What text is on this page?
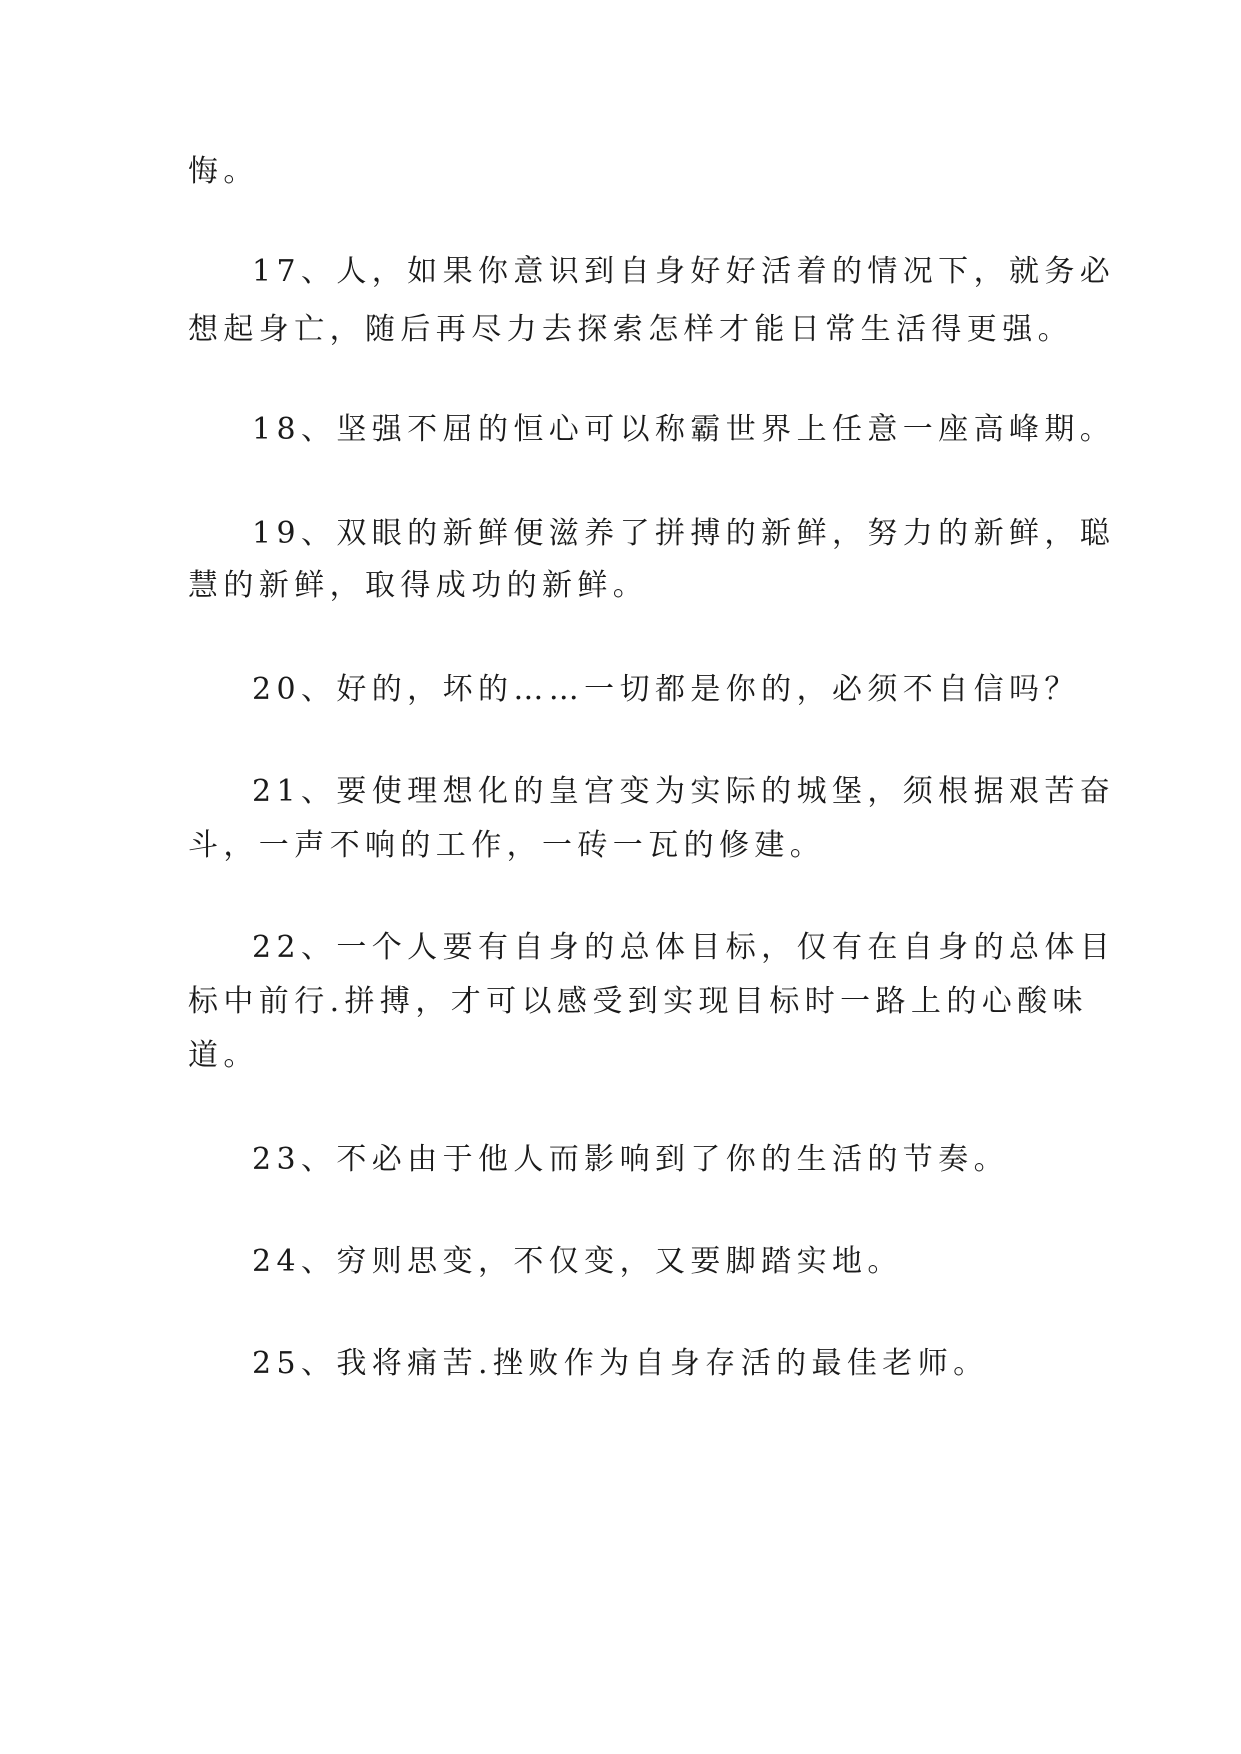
悔。
17、人，如果你意识到自身好好活着的情况下，就务必
想起身亡，随后再尽力去探索怎样才能日常生活得更强。
18、坚强不屈的恒心可以称霸世界上任意一座高峰期。
19、双眼的新鲜便滋养了拼搏的新鲜，努力的新鲜，聪
慧的新鲜，取得成功的新鲜。
20、好的，坏的……一切都是你的，必须不自信吗？
21、要使理想化的皇宫变为实际的城堡，须根据艰苦奋
斗，一声不响的工作，一砖一瓦的修建。
22、一个人要有自身的总体目标，仅有在自身的总体目
标中前行.拼搏，才可以感受到实现目标时一路上的心酸味
道。
23、不必由于他人而影响到了你的生活的节奏。
24、穷则思变，不仅变，又要脚踏实地。
25、我将痛苦.挫败作为自身存活的最佳老师。
